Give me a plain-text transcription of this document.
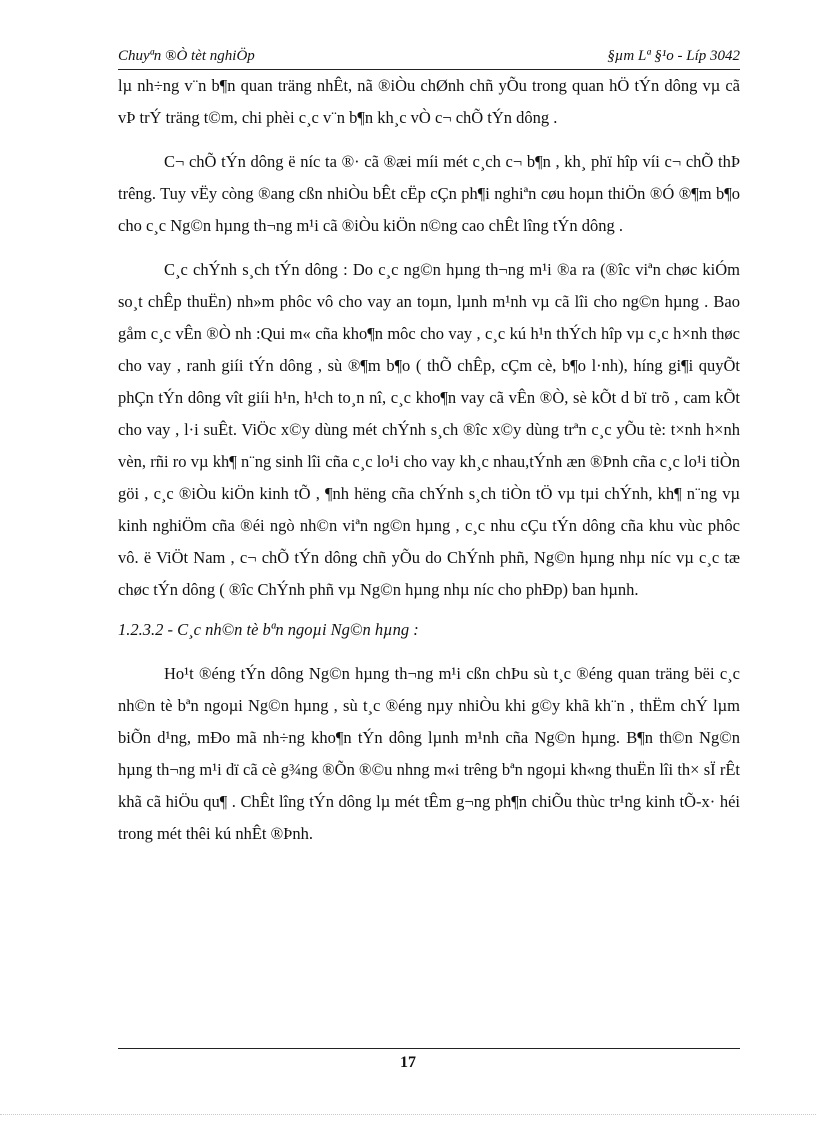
Chuyªn ®Ò tèt nghiÖp	§µm Lª §¹o - Líp 3042

lµ nh÷ng v¨n b¶n quan träng nhÊt, nã ®iÒu chØnh chñ yÕu trong quan hÖ tÝn dông vµ cã vÞ trÝ träng t©m, chi phèi c¸c v¨n b¶n kh¸c vÒ c¬ chÕ tÝn dông .

C¬ chÕ tÝn dông ë níc ta ®· cã ®æi míi mét c¸ch c¬ b¶n , kh¸ phï hîp víi c¬ chÕ thÞ trêng. Tuy vËy còng ®ang cßn nhiÒu bÊt cËp cÇn ph¶i nghiªn cøu hoµn thiÖn ®Ó ®¶m b¶o cho c¸c Ng©n hµng th¬ng m¹i cã ®iÒu kiÖn n©ng cao chÊt lîng tÝn dông .

C¸c chÝnh s¸ch tÝn dông : Do c¸c ng©n hµng th¬ng m¹i ®a ra (®îc viªn chøc kiÓm so¸t chÊp thuËn) nh»m phôc vô cho vay an toµn, lµnh m¹nh vµ cã lîi cho ng©n hµng . Bao gåm c¸c vÊn ®Ò nh :Qui m« cña kho¶n môc cho vay , c¸c kú h¹n thÝch hîp vµ c¸c h×nh thøc cho vay , ranh giíi tÝn dông , sù ®¶m b¶o ( thÕ chÊp, cÇm cè, b¶o l·nh), híng gi¶i quyÕt phÇn tÝn dông vît giíi h¹n, h¹ch to¸n nî, c¸c kho¶n vay cã vÊn ®Ò, sè kÕt d bï trõ , cam kÕt cho vay , l·i suÊt. ViÖc x©y dùng mét chÝnh s¸ch ®îc x©y dùng trªn c¸c yÕu tè: t×nh h×nh vèn, rñi ro vµ kh¶ n¨ng sinh lîi cña c¸c lo¹i cho vay kh¸c nhau,tÝnh æn ®Þnh cña c¸c lo¹i tiÒn göi , c¸c ®iÒu kiÖn kinh tÕ , ¶nh hëng cña chÝnh s¸ch tiÒn tÖ vµ tµi chÝnh, kh¶ n¨ng vµ kinh nghiÖm cña ®éi ngò nh©n viªn ng©n hµng , c¸c nhu cÇu tÝn dông cña khu vùc phôc vô. ë ViÖt Nam , c¬ chÕ tÝn dông chñ yÕu do ChÝnh phñ, Ng©n hµng nhµ níc vµ c¸c tæ chøc tÝn dông ( ®îc ChÝnh phñ vµ Ng©n hµng nhµ níc cho phÐp) ban hµnh.

1.2.3.2 - C¸c nh©n tè bªn ngoµi Ng©n hµng :

Ho¹t ®éng tÝn dông Ng©n hµng th¬ng m¹i cßn chÞu sù t¸c ®éng quan träng bëi c¸c nh©n tè bªn ngoµi Ng©n hµng , sù t¸c ®éng nµy nhiÒu khi g©y khã kh¨n , thËm chÝ lµm biÕn d¹ng, mÐo mã nh÷ng kho¶n tÝn dông lµnh m¹nh cña Ng©n hµng. B¶n th©n Ng©n hµng th¬ng m¹i dï cã cè g¾ng ®Õn ®©u nhng m«i trêng bªn ngoµi kh«ng thuËn lîi th× sÏ rÊt khã cã hiÖu qu¶ . ChÊt lîng tÝn dông lµ mét tÊm g¬ng ph¶n chiÕu thùc tr¹ng kinh tÕ-x· héi trong mét thêi kú nhÊt ®Þnh.

17
